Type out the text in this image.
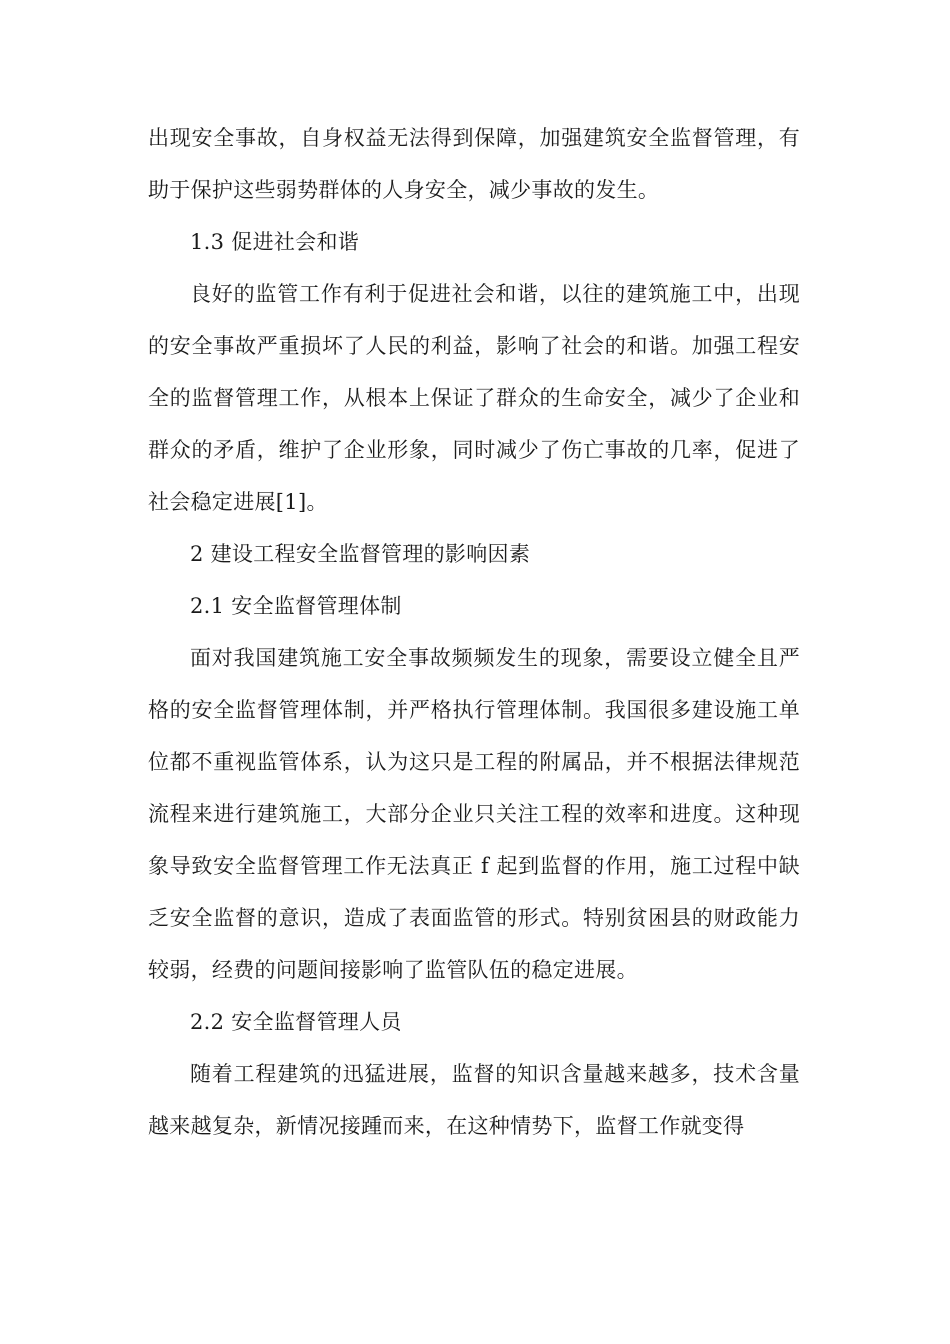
出现安全事故，自身权益无法得到保障，加强建筑安全监督管理，有助于保护这些弱势群体的人身安全，减少事故的发生。

1.3 促进社会和谐

良好的监管工作有利于促进社会和谐，以往的建筑施工中，出现的安全事故严重损坏了人民的利益，影响了社会的和谐。加强工程安全的监督管理工作，从根本上保证了群众的生命安全，减少了企业和群众的矛盾，维护了企业形象，同时减少了伤亡事故的几率，促进了社会稳定进展[1]。

2 建设工程安全监督管理的影响因素

2.1 安全监督管理体制

面对我国建筑施工安全事故频频发生的现象，需要设立健全且严格的安全监督管理体制，并严格执行管理体制。我国很多建设施工单位都不重视监管体系，认为这只是工程的附属品，并不根据法律规范流程来进行建筑施工，大部分企业只关注工程的效率和进度。这种现象导致安全监督管理工作无法真正 f 起到监督的作用，施工过程中缺乏安全监督的意识，造成了表面监管的形式。特别贫困县的财政能力较弱，经费的问题间接影响了监管队伍的稳定进展。

2.2 安全监督管理人员

随着工程建筑的迅猛进展，监督的知识含量越来越多，技术含量越来越复杂，新情况接踵而来，在这种情势下，监督工作就变得
